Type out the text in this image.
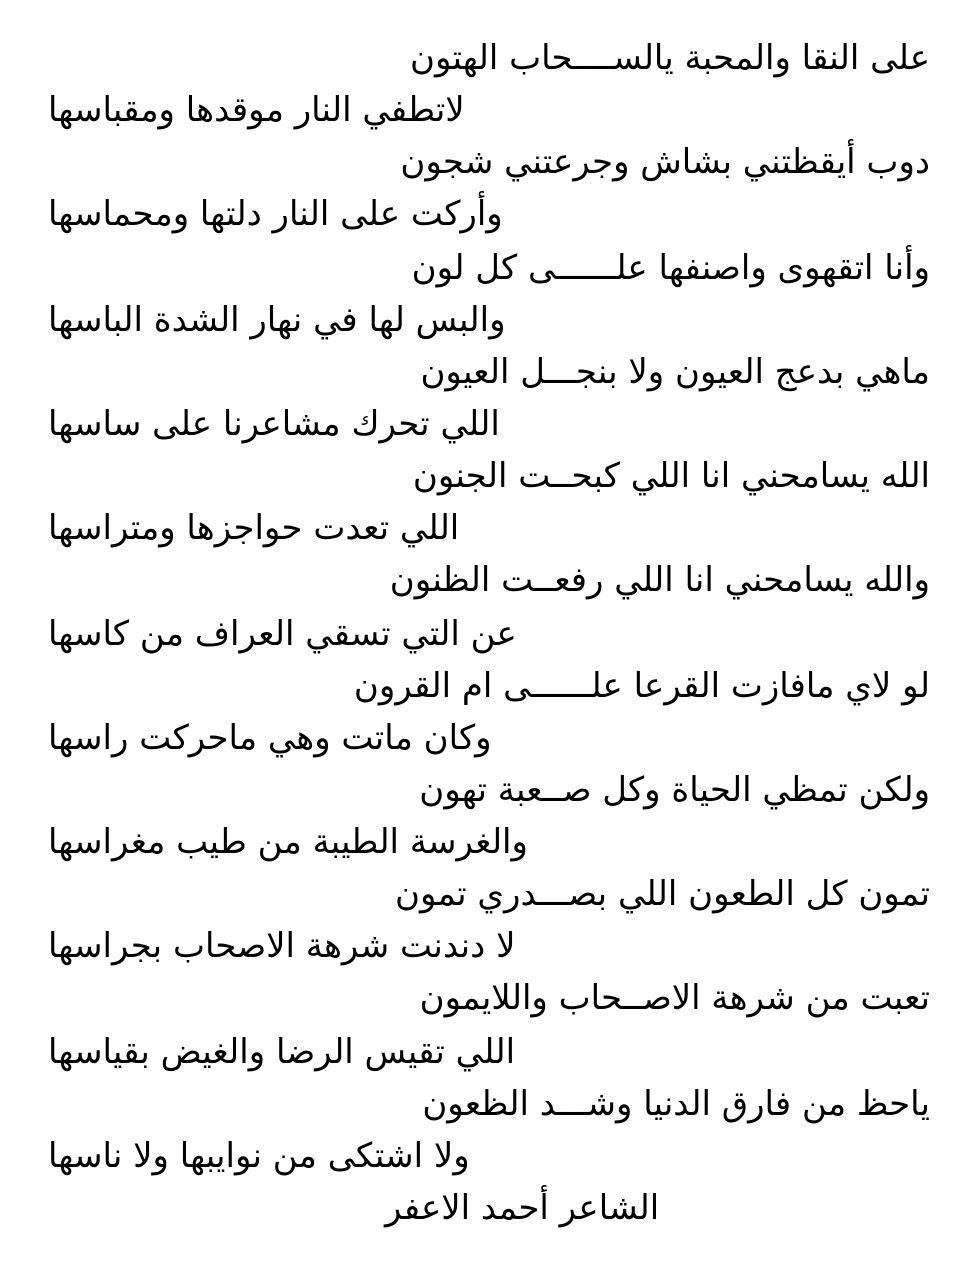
على النقا والمحبة يالســــحاب الهتون
لاتطفي النار موقدها ومقباسها
دوب أيقظتني بشاش وجرعتني شجون
وأركت على النار دلتها ومحماسها
وأنا اتقهوى واصنفها علــــــى كل لون
والبس لها في نهار الشدة الباسها
ماهي بدعج العيون ولا بنجـــل العيون
اللي تحرك مشاعرنا على ساسها
الله يسامحني انا اللي كبحــت الجنون
اللي تعدت حواجزها ومتراسها
والله يسامحني انا اللي رفعــت الظنون
عن التي تسقي العراف من كاسها
لو لاي مافازت القرعا علــــــى ام القرون
وكان ماتت وهي ماحركت راسها
ولكن تمظي الحياة وكل صــعبة تهون
والغرسة الطيبة من طيب مغراسها
تمون كل الطعون اللي بصـــدري تمون
لا دندنت شرهة الاصحاب بجراسها
تعبت من شرهة الاصــحاب واللايمون
اللي تقيس الرضا والغيض بقياسها
ياحظ من فارق الدنيا وشـــد الظعون
ولا اشتكى من نوايبها ولا ناسها
الشاعر أحمد الاعفر
